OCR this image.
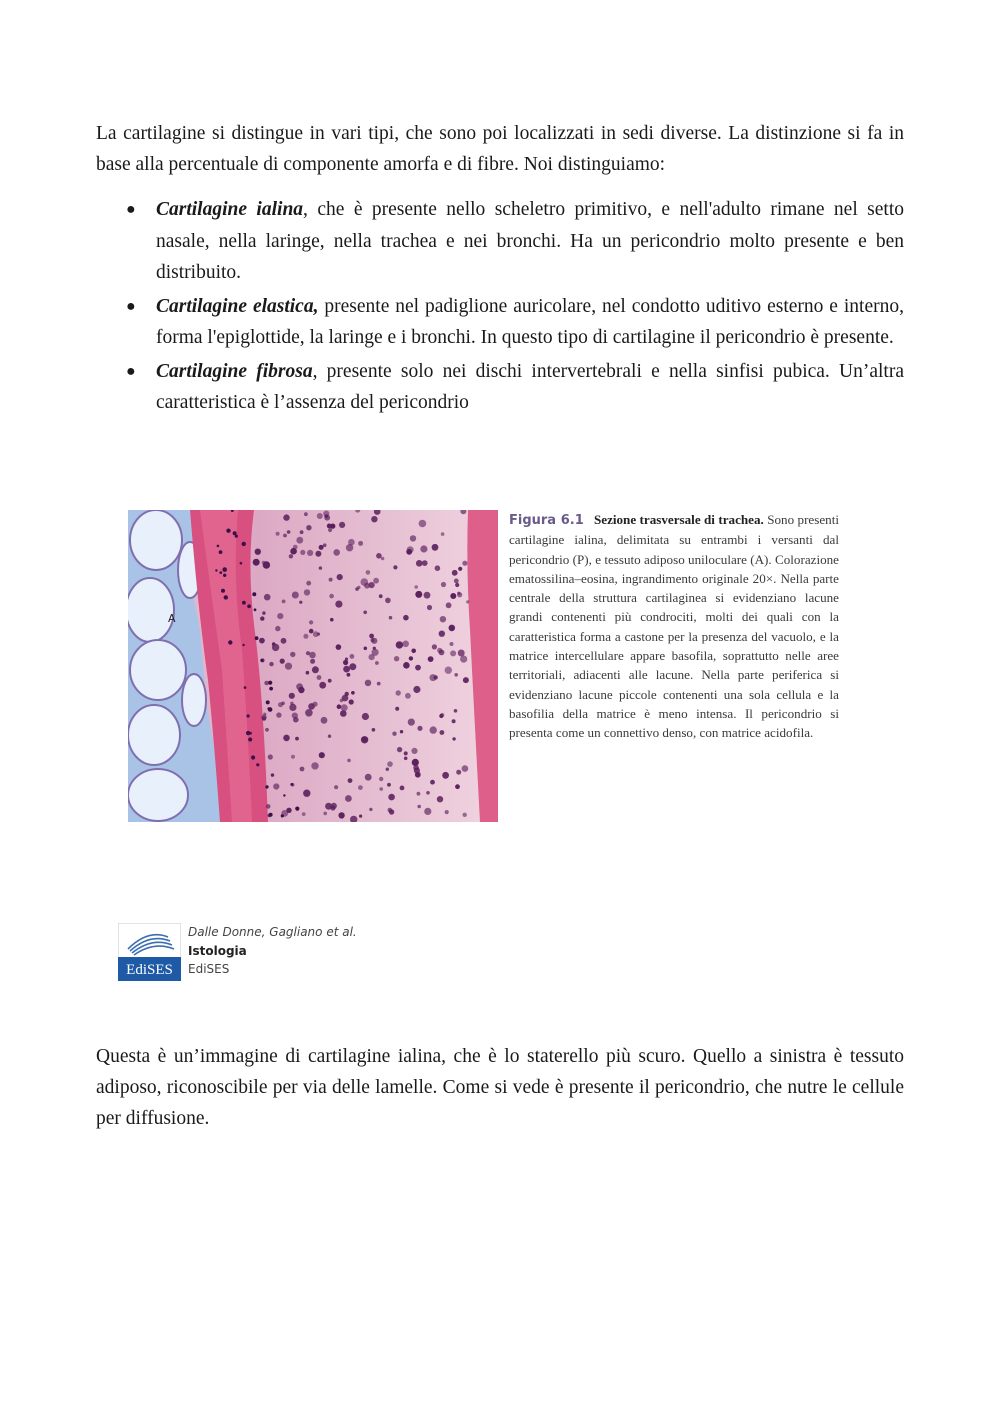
La cartilagine si distingue in vari tipi, che sono poi localizzati in sedi diverse. La distinzione si fa in base alla percentuale di componente amorfa e di fibre. Noi distinguiamo:

● Cartilagine ialina, che è presente nello scheletro primitivo, e nell'adulto rimane nel setto nasale, nella laringe, nella trachea e nei bronchi. Ha un pericondrio molto presente e ben distribuito.
● Cartilagine elastica, presente nel padiglione auricolare, nel condotto uditivo esterno e interno, forma l'epiglottide, la laringe e i bronchi. In questo tipo di cartilagine il pericondrio è presente.
● Cartilagine fibrosa, presente solo nei dischi intervertebrali e nella sinfisi pubica. Un’altra caratteristica è l’assenza del pericondrio
A
Figura 6.1 Sezione trasversale di trachea. Sono presenti cartilagine ialina, delimitata su entrambi i versanti dal pericondrio (P), e tessuto adiposo uniloculare (A). Colorazione ematossilina–eosina, ingrandimento originale 20×. Nella parte centrale della struttura cartilaginea si evidenziano lacune grandi contenenti più condrociti, molti dei quali con la caratteristica forma a castone per la presenza del vacuolo, e la matrice intercellulare appare basofila, soprattutto nelle aree territoriali, adiacenti alle lacune. Nella parte periferica si evidenziano lacune piccole contenenti una sola cellula e la basofilia della matrice è meno intensa. Il pericondrio si presenta come un connettivo denso, con matrice acidofila.
EdiSES
Dalle Donne, Gagliano et al.
Istologia
EdiSES

Questa è un’immagine di cartilagine ialina, che è lo staterello più scuro. Quello a sinistra è tessuto adiposo, riconoscibile per via delle lamelle. Come si vede è presente il pericondrio, che nutre le cellule per diffusione.
